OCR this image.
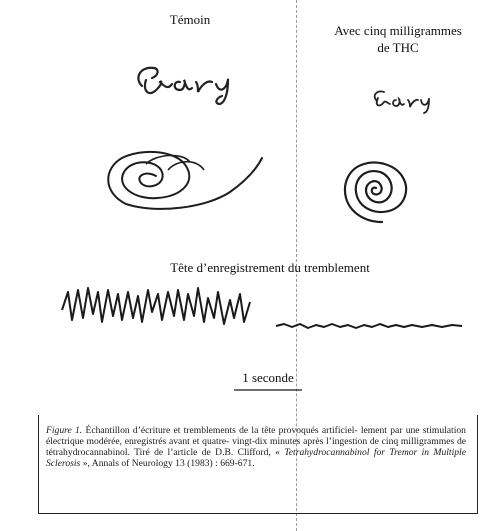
Témoin
Avec cinq milligrammes
de THC
Tête d’enregistrement du tremblement
1 seconde
Figure 1. Échantillon d’écriture et tremblements de la tête provoqués artificiel- lement par une stimulation électrique modérée, enregistrés avant et quatre- vingt-dix minutes après l’ingestion de cinq milligrammes de tétrahydrocannabinol. Tiré de l’article de D.B. Clifford, « Tetrahydrocannabinol for Tremor in Multiple Sclerosis », Annals of Neurology 13 (1983) : 669-671.
